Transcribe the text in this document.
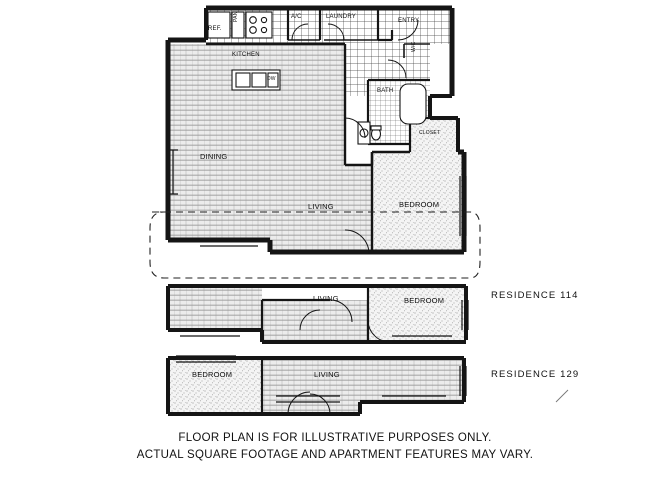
REF.
PAN	A/C	LAUNDRY
ENTRY
KITCHEN
DW
BATH
W/C
CLOSET
DINING
LIVING	BEDROOM
LIVING	BEDROOM
BEDROOM	LIVING
RESIDENCE 114
RESIDENCE 129
FLOOR PLAN IS FOR ILLUSTRATIVE PURPOSES ONLY.
ACTUAL SQUARE FOOTAGE AND APARTMENT FEATURES MAY VARY.
